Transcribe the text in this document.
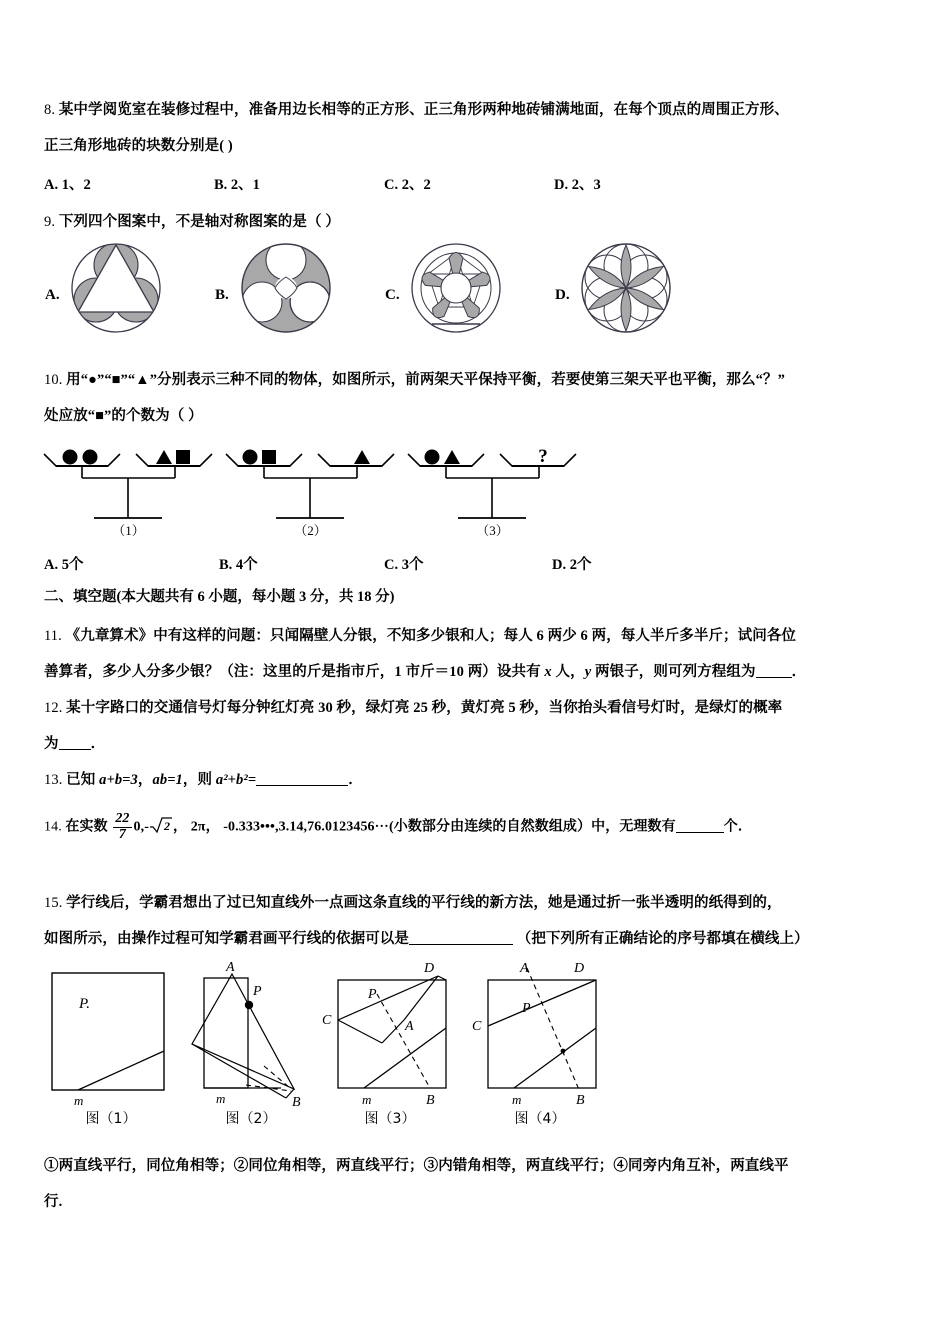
8. 某中学阅览室在装修过程中，准备用边长相等的正方形、正三角形两种地砖铺满地面，在每个顶点的周围正方形、
正三角形地砖的块数分别是( )
A. 1、2	B. 2、1	C. 2、2	D. 2、3
9. 下列四个图案中，不是轴对称图案的是（ ）
A.	B.	C.	D.
10. 用“●”“■”“▲”分别表示三种不同的物体，如图所示，前两架天平保持平衡，若要使第三架天平也平衡，那么“？”
处应放“■”的个数为（ ）
（1）	（2）
?
（3）
A. 5个	B. 4个	C. 3个	D. 2个
二、填空题(本大题共有 6 小题，每小题 3 分，共 18 分)
11. 《九章算术》中有这样的问题：只闻隔壁人分银，不知多少银和人；每人 6 两少 6 两，每人半斤多半斤；试问各位
善算者，多少人分多少银？（注：这里的斤是指市斤，1 市斤＝10 两）设共有 x 人，y 两银子，则可列方程组为 ．
12. 某十字路口的交通信号灯每分钟红灯亮 30 秒，绿灯亮 25 秒，黄灯亮 5 秒，当你抬头看信号灯时，是绿灯的概率
为 ．
13. 已知 a+b=3，ab=1，则 a²+b²=	．
14. 在实数 $\frac{22}{7} 0,-$ 2 ， 2π， -0.333•••,3.14,76.0123456···(小数部分由连续的自然数组成）中，无理数有	个．
15. 学行线后，学霸君想出了过已知直线外一点画这条直线的平行线的新方法，她是通过折一张半透明的纸得到的，
如图所示，由操作过程可知学霸君画平行线的依据可以是	（把下列所有正确结论的序号都填在横线上）
P.
m
图（1）
A
P
m	B
图（2）
D
P
C	A
m	B
图（3）
A	D
P
C
m	B
图（4）
①两直线平行，同位角相等；②同位角相等，两直线平行；③内错角相等，两直线平行；④同旁内角互补，两直线平
行.
